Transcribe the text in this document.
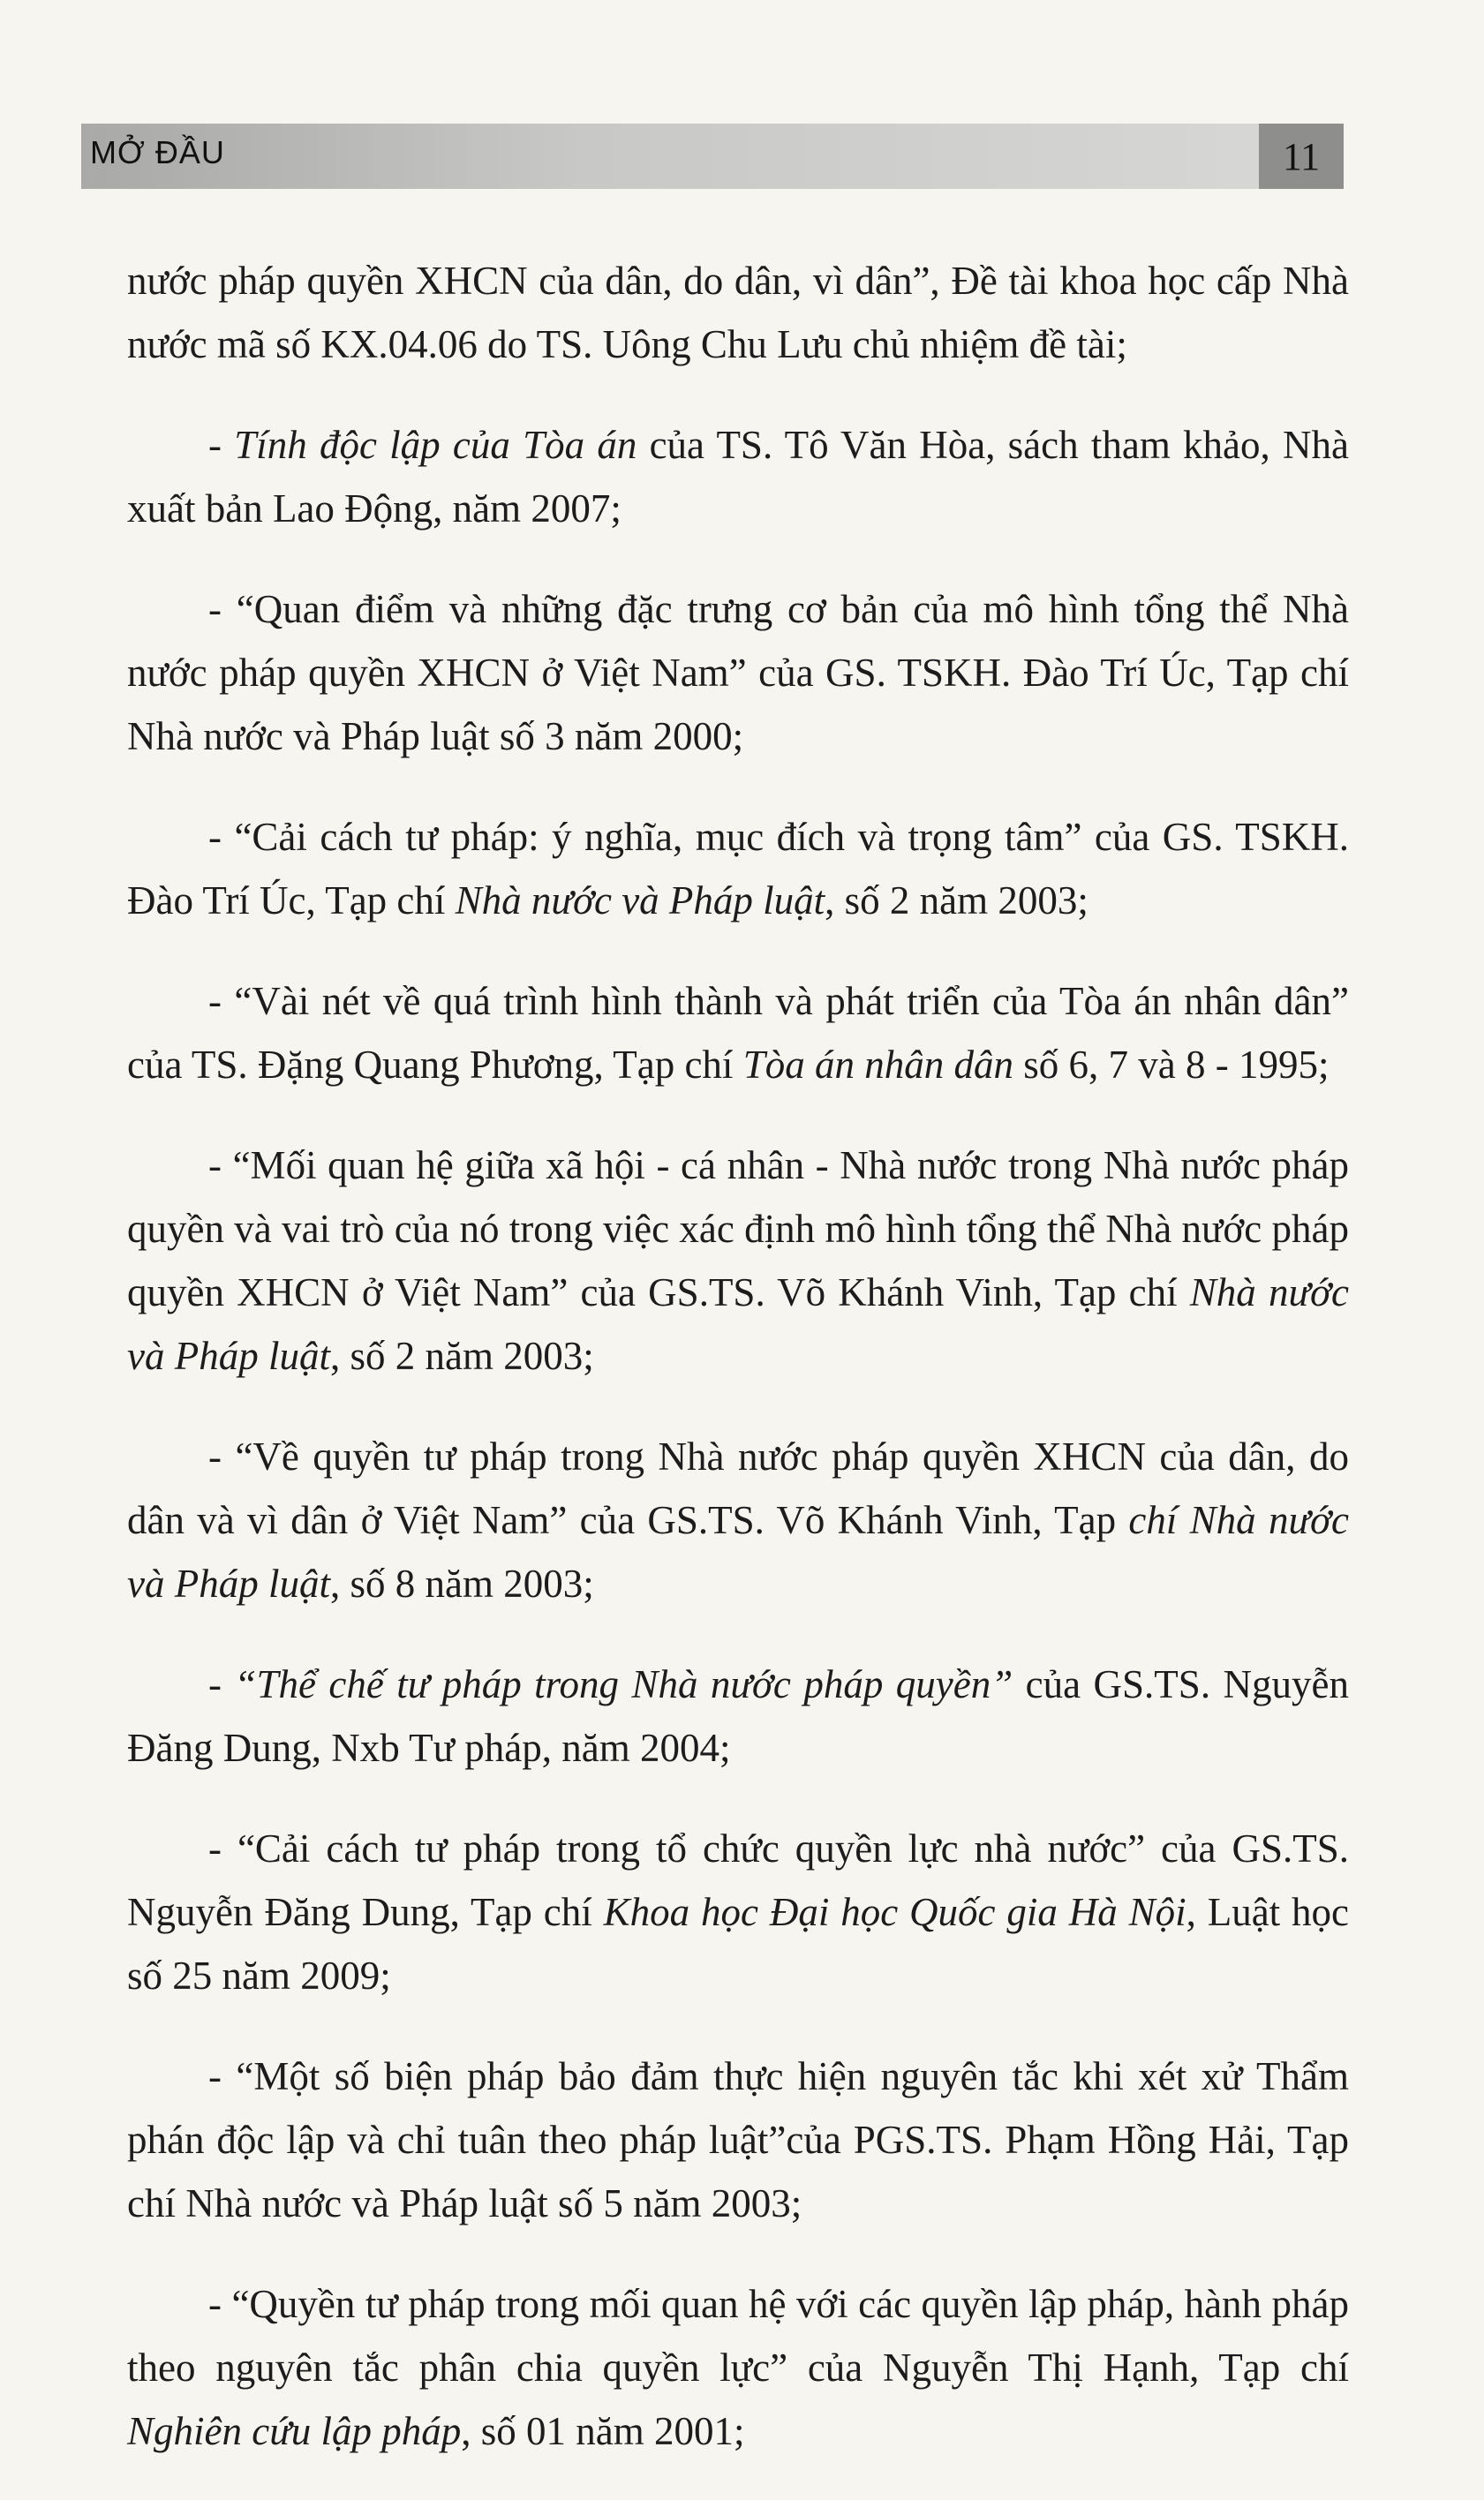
MỞ ĐẦU	11

nước pháp quyền XHCN của dân, do dân, vì dân”, Đề tài khoa học cấp Nhà nước mã số KX.04.06 do TS. Uông Chu Lưu chủ nhiệm đề tài;

- Tính độc lập của Tòa án của TS. Tô Văn Hòa, sách tham khảo, Nhà xuất bản Lao Động, năm 2007;

- “Quan điểm và những đặc trưng cơ bản của mô hình tổng thể Nhà nước pháp quyền XHCN ở Việt Nam” của GS. TSKH. Đào Trí Úc, Tạp chí Nhà nước và Pháp luật số 3 năm 2000;

- “Cải cách tư pháp: ý nghĩa, mục đích và trọng tâm” của GS. TSKH. Đào Trí Úc, Tạp chí Nhà nước và Pháp luật, số 2 năm 2003;

- “Vài nét về quá trình hình thành và phát triển của Tòa án nhân dân” của TS. Đặng Quang Phương, Tạp chí Tòa án nhân dân số 6, 7 và 8 - 1995;

- “Mối quan hệ giữa xã hội - cá nhân - Nhà nước trong Nhà nước pháp quyền và vai trò của nó trong việc xác định mô hình tổng thể Nhà nước pháp quyền XHCN ở Việt Nam” của GS.TS. Võ Khánh Vinh, Tạp chí Nhà nước và Pháp luật, số 2 năm 2003;

- “Về quyền tư pháp trong Nhà nước pháp quyền XHCN của dân, do dân và vì dân ở Việt Nam” của GS.TS. Võ Khánh Vinh, Tạp chí Nhà nước và Pháp luật, số 8 năm 2003;

- “Thể chế tư pháp trong Nhà nước pháp quyền” của GS.TS. Nguyễn Đăng Dung, Nxb Tư pháp, năm 2004;

- “Cải cách tư pháp trong tổ chức quyền lực nhà nước” của GS.TS. Nguyễn Đăng Dung, Tạp chí Khoa học Đại học Quốc gia Hà Nội, Luật học số 25 năm 2009;

- “Một số biện pháp bảo đảm thực hiện nguyên tắc khi xét xử Thẩm phán độc lập và chỉ tuân theo pháp luật”của PGS.TS. Phạm Hồng Hải, Tạp chí Nhà nước và Pháp luật số 5 năm 2003;

- “Quyền tư pháp trong mối quan hệ với các quyền lập pháp, hành pháp theo nguyên tắc phân chia quyền lực” của Nguyễn Thị Hạnh, Tạp chí Nghiên cứu lập pháp, số 01 năm 2001;
